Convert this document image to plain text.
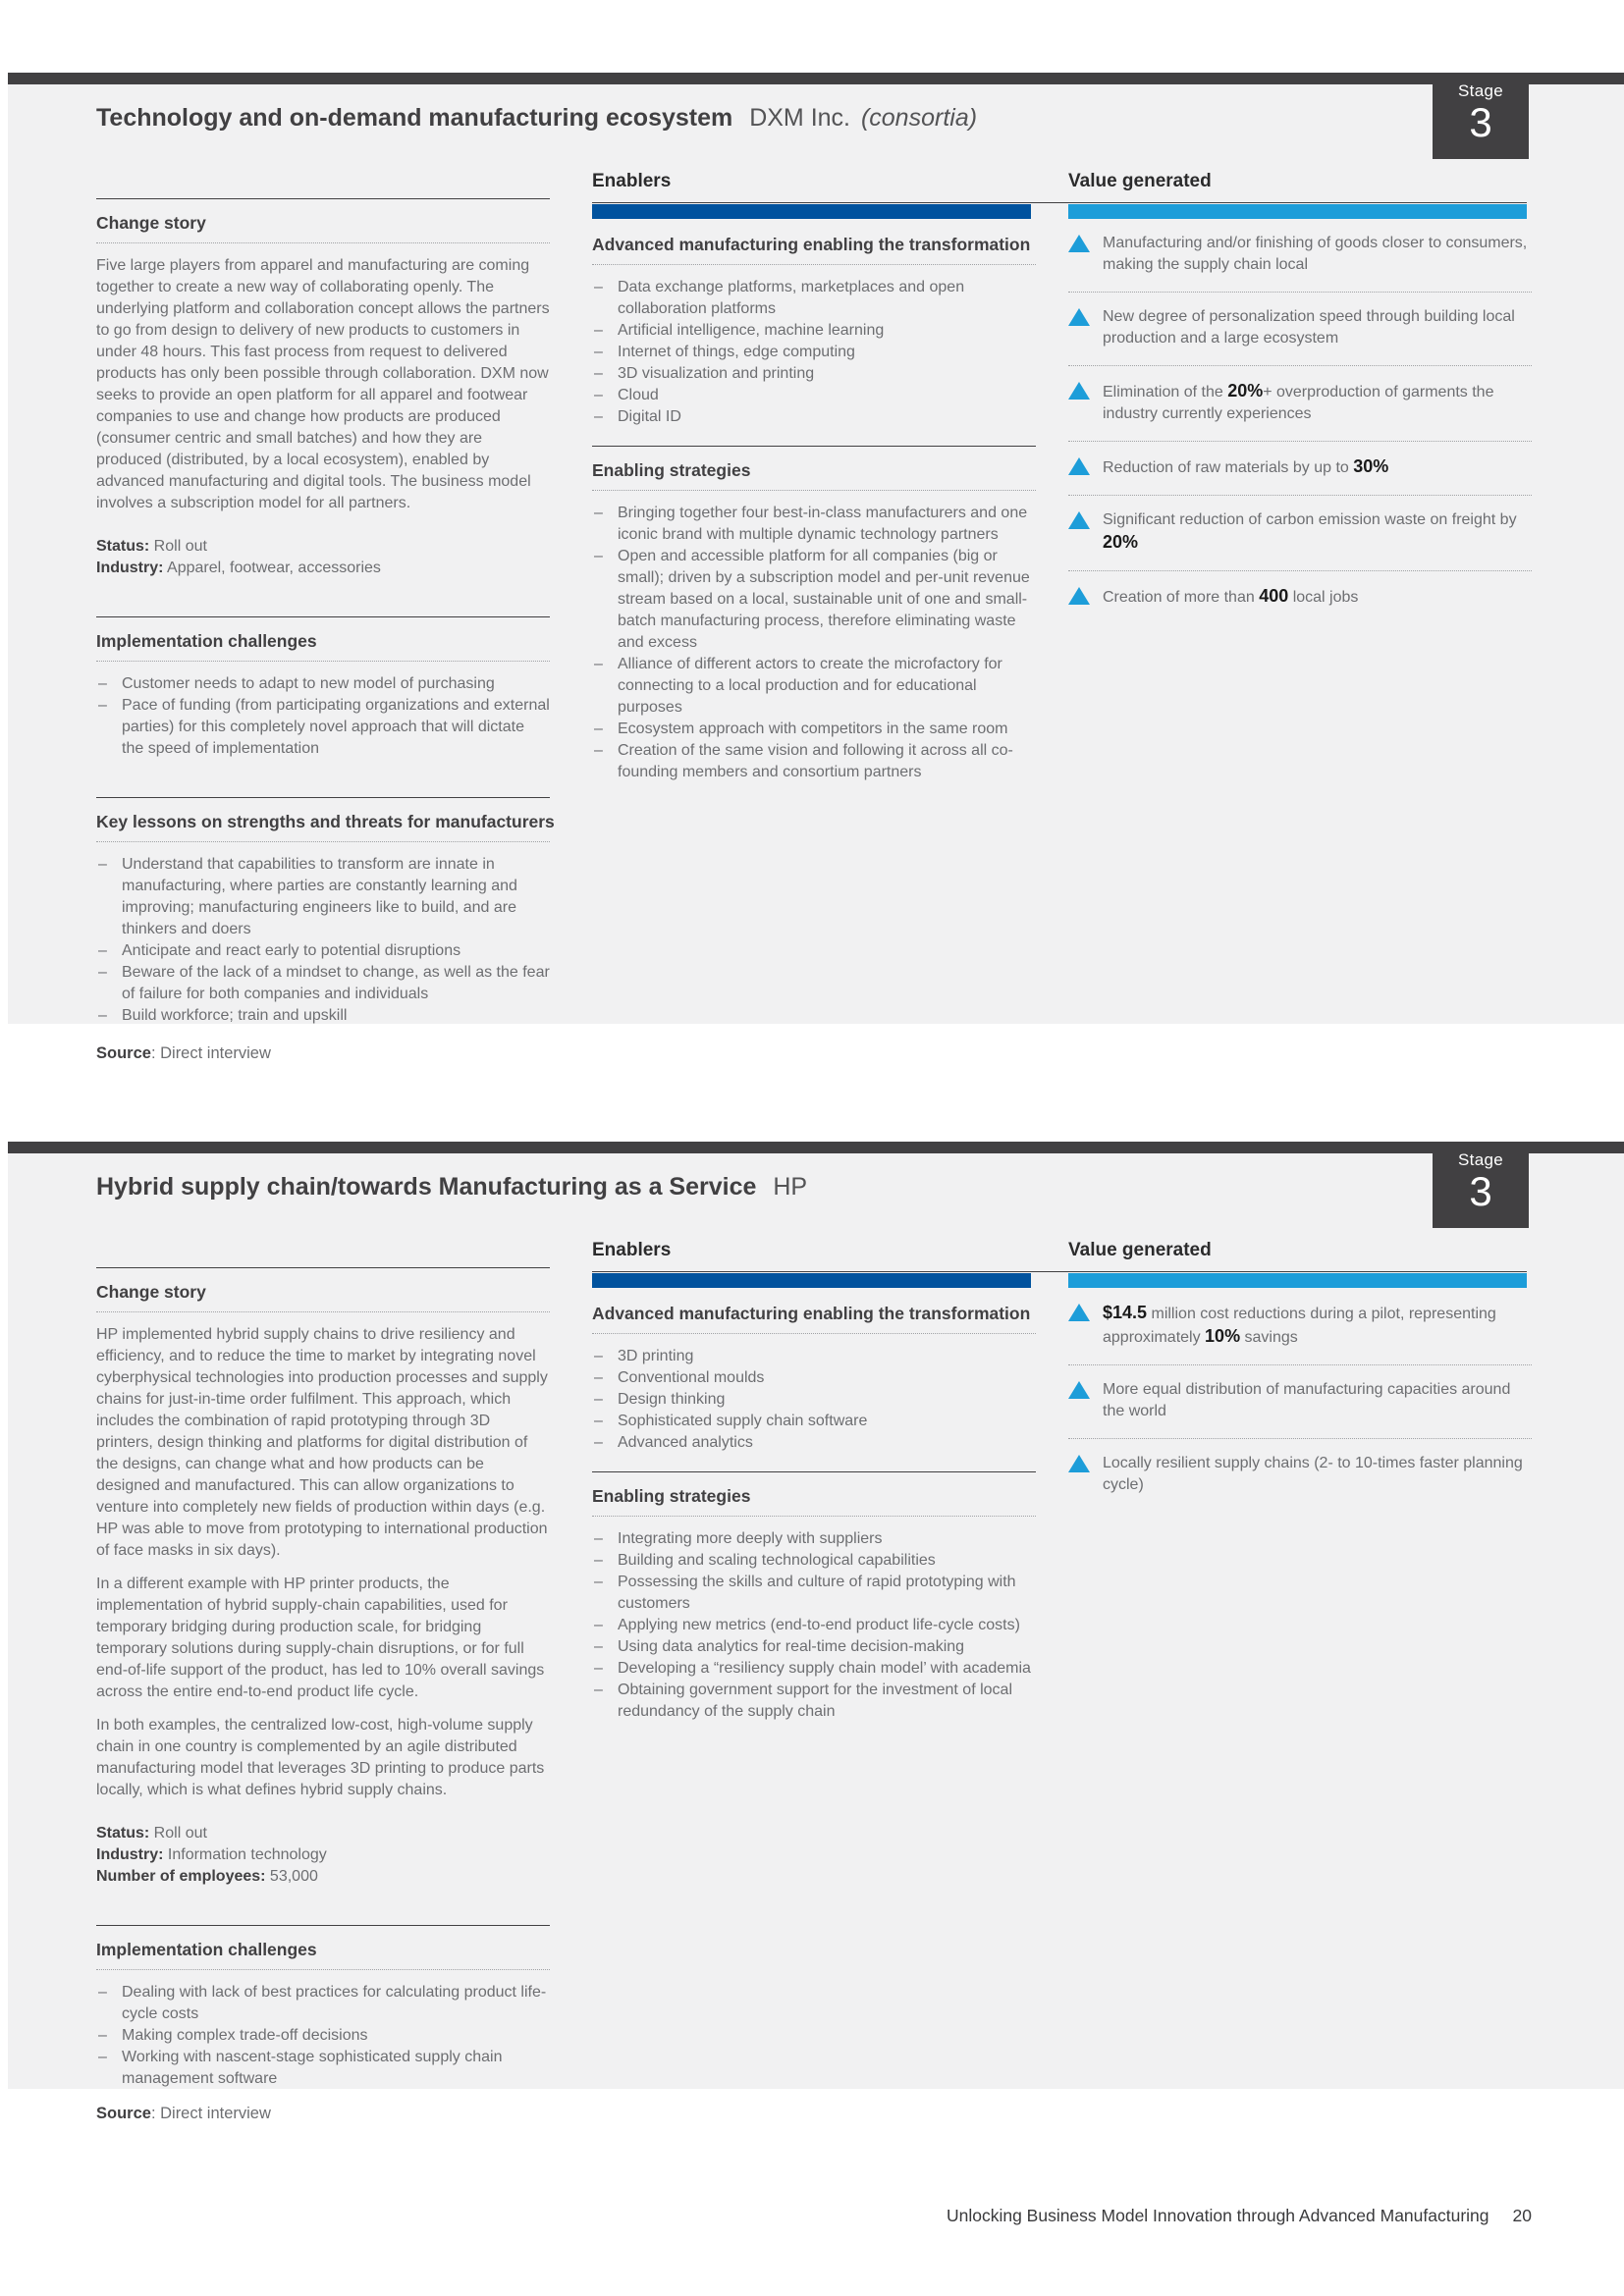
Stage
3
Technology and on-demand manufacturing ecosystem DXM Inc. (consortia)
Enablers	Value generated
Change story

Five large players from apparel and manufacturing are coming together to create a new way of collaborating openly. The underlying platform and collaboration concept allows the partners to go from design to delivery of new products to customers in under 48 hours. This fast process from request to delivered products has only been possible through collaboration. DXM now seeks to provide an open platform for all apparel and footwear companies to use and change how products are produced (consumer centric and small batches) and how they are produced (distributed, by a local ecosystem), enabled by advanced manufacturing and digital tools. The business model involves a subscription model for all partners.

Status: Roll out
Industry: Apparel, footwear, accessories
Implementation challenges
– Customer needs to adapt to new model of purchasing
– Pace of funding (from participating organizations and external parties) for this completely novel approach that will dictate the speed of implementation
Key lessons on strengths and threats for manufacturers
– Understand that capabilities to transform are innate in manufacturing, where parties are constantly learning and improving; manufacturing engineers like to build, and are thinkers and doers
– Anticipate and react early to potential disruptions
– Beware of the lack of a mindset to change, as well as the fear of failure for both companies and individuals
– Build workforce; train and upskill
Advanced manufacturing enabling the transformation
– Data exchange platforms, marketplaces and open collaboration platforms
– Artificial intelligence, machine learning
– Internet of things, edge computing
– 3D visualization and printing
– Cloud
– Digital ID
Enabling strategies
– Bringing together four best-in-class manufacturers and one iconic brand with multiple dynamic technology partners
– Open and accessible platform for all companies (big or small); driven by a subscription model and per-unit revenue stream based on a local, sustainable unit of one and small-batch manufacturing process, therefore eliminating waste and excess
– Alliance of different actors to create the microfactory for connecting to a local production and for educational purposes
– Ecosystem approach with competitors in the same room
– Creation of the same vision and following it across all co-founding members and consortium partners

Manufacturing and/or finishing of goods closer to consumers, making the supply chain local

New degree of personalization speed through building local production and a large ecosystem

Elimination of the 20%+ overproduction of garments the industry currently experiences

Reduction of raw materials by up to 30%

Significant reduction of carbon emission waste on freight by 20%

Creation of more than 400 local jobs

Source: Direct interview
Stage
3
Hybrid supply chain/towards Manufacturing as a Service HP
Enablers	Value generated
Change story

HP implemented hybrid supply chains to drive resiliency and efficiency, and to reduce the time to market by integrating novel cyberphysical technologies into production processes and supply chains for just-in-time order fulfilment. This approach, which includes the combination of rapid prototyping through 3D printers, design thinking and platforms for digital distribution of the designs, can change what and how products can be designed and manufactured. This can allow organizations to venture into completely new fields of production within days (e.g. HP was able to move from prototyping to international production of face masks in six days).

In a different example with HP printer products, the implementation of hybrid supply-chain capabilities, used for temporary bridging during production scale, for bridging temporary solutions during supply-chain disruptions, or for full end-of-life support of the product, has led to 10% overall savings across the entire end-to-end product life cycle.

In both examples, the centralized low-cost, high-volume supply chain in one country is complemented by an agile distributed manufacturing model that leverages 3D printing to produce parts locally, which is what defines hybrid supply chains.

Status: Roll out
Industry: Information technology
Number of employees: 53,000
Implementation challenges
– Dealing with lack of best practices for calculating product life-cycle costs
– Making complex trade-off decisions
– Working with nascent-stage sophisticated supply chain management software
Advanced manufacturing enabling the transformation
– 3D printing
– Conventional moulds
– Design thinking
– Sophisticated supply chain software
– Advanced analytics
Enabling strategies
– Integrating more deeply with suppliers
– Building and scaling technological capabilities
– Possessing the skills and culture of rapid prototyping with customers
– Applying new metrics (end-to-end product life-cycle costs)
– Using data analytics for real-time decision-making
– Developing a “resiliency supply chain model’ with academia
– Obtaining government support for the investment of local redundancy of the supply chain

$14.5 million cost reductions during a pilot, representing approximately 10% savings

More equal distribution of manufacturing capacities around the world

Locally resilient supply chains (2- to 10-times faster planning cycle)

Source: Direct interview
Unlocking Business Model Innovation through Advanced Manufacturing 20
